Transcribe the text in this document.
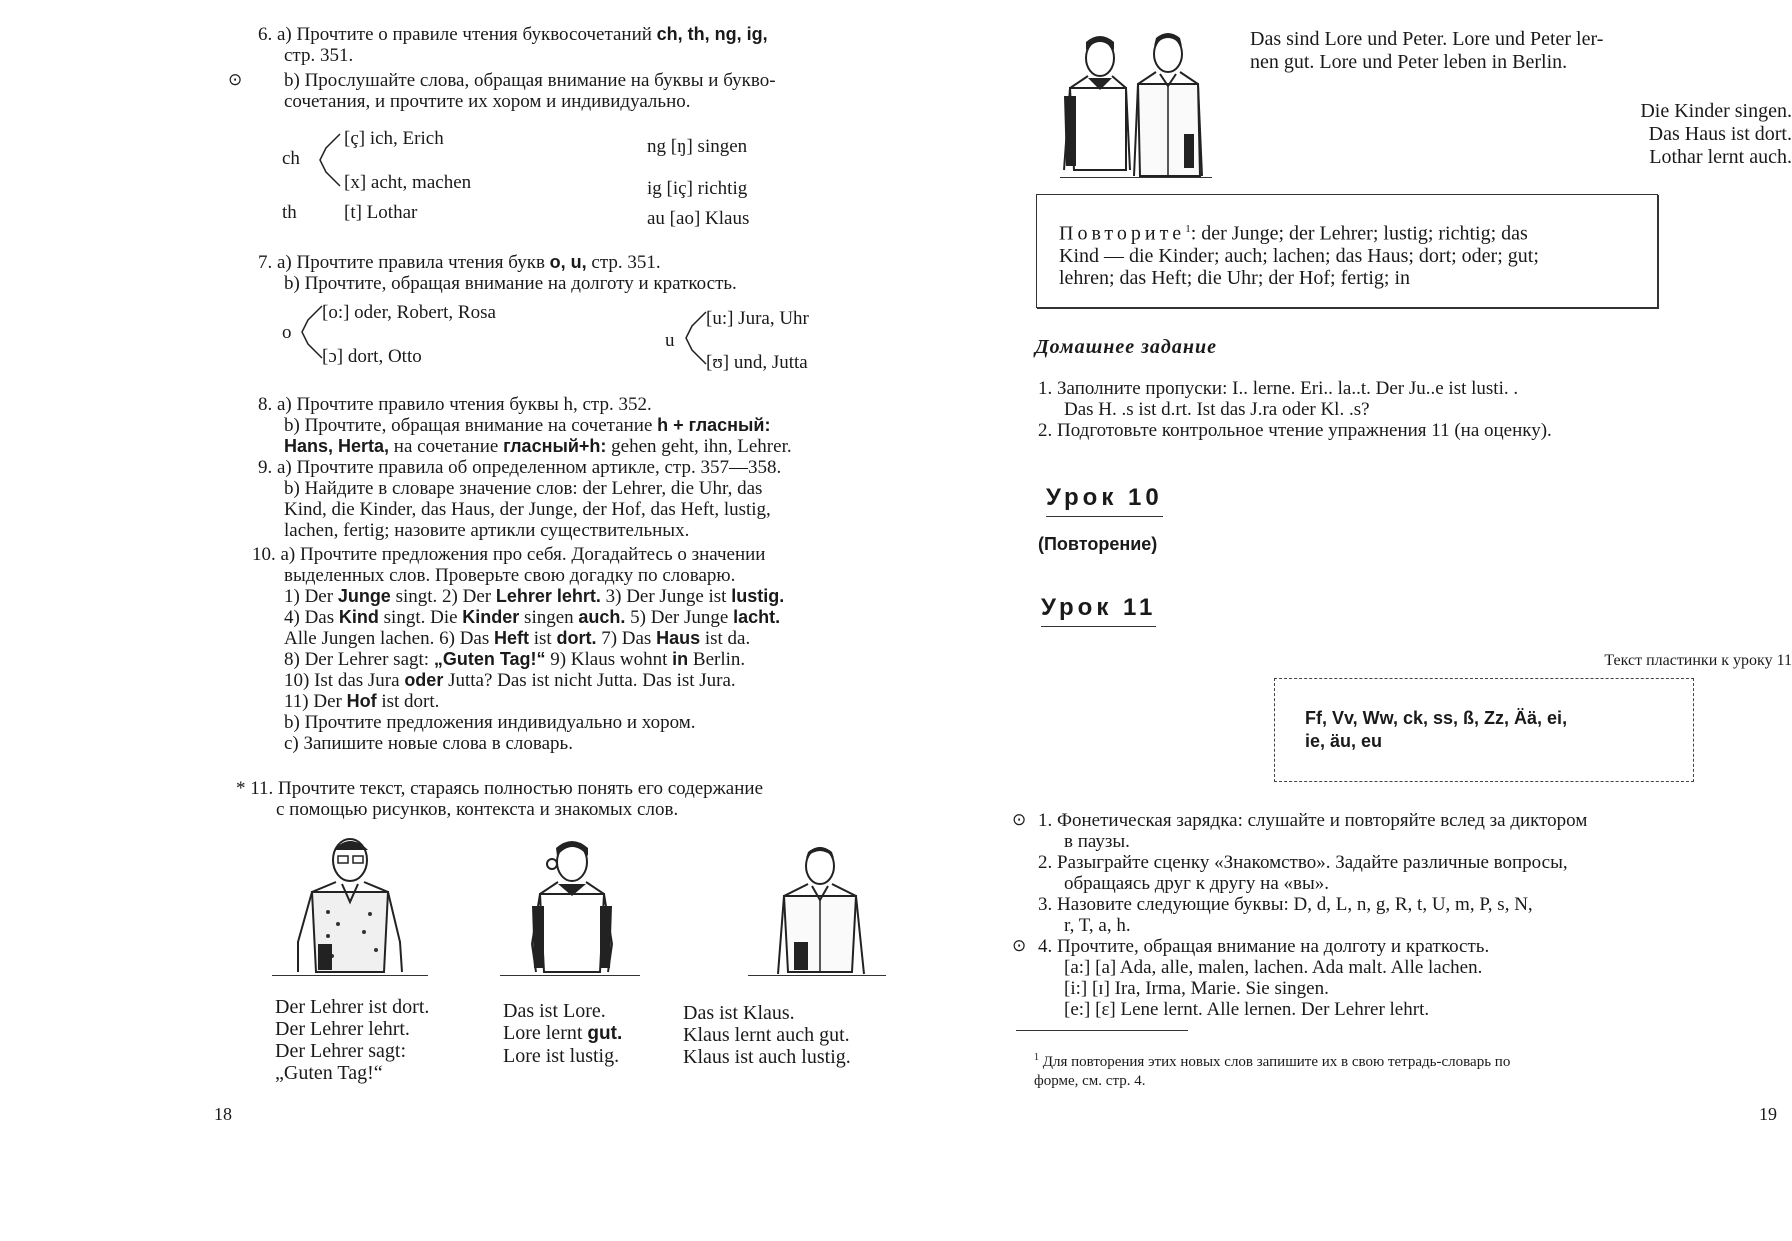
6. a) Прочтите о правиле чтения буквосочетаний ch, th, ng, ig,
стр. 351.
b) Прослушайте слова, обращая внимание на буквы и букво-
сочетания, и прочтите их хором и индивидуально.
⊙
ch
[ç] ich, Erich
[x] acht, machen
th [t] Lothar
ng [ŋ] singen
ig [iç] richtig
au [ao] Klaus
7. a) Прочтите правила чтения букв o, u, стр. 351.
b) Прочтите, обращая внимание на долготу и краткость.
o
[o:] oder, Robert, Rosa
[ɔ] dort, Otto
u
[u:] Jura, Uhr
[ʊ] und, Jutta
8. a) Прочтите правило чтения буквы h, стр. 352.
b) Прочтите, обращая внимание на сочетание h + гласный:
Hans, Herta, на сочетание гласный+h: gehen geht, ihn, Lehrer.
9. a) Прочтите правила об определенном артикле, стр. 357—358.
b) Найдите в словаре значение слов: der Lehrer, die Uhr, das
Kind, die Kinder, das Haus, der Junge, der Hof, das Heft, lustig,
lachen, fertig; назовите артикли существительных.
10. a) Прочтите предложения про себя. Догадайтесь о значении
выделенных слов. Проверьте свою догадку по словарю.
1) Der Junge singt. 2) Der Lehrer lehrt. 3) Der Junge ist lustig.
4) Das Kind singt. Die Kinder singen auch. 5) Der Junge lacht.
Alle Jungen lachen. 6) Das Heft ist dort. 7) Das Haus ist da.
8) Der Lehrer sagt: „Guten Tag!“ 9) Klaus wohnt in Berlin.
10) Ist das Jura oder Jutta? Das ist nicht Jutta. Das ist Jura.
11) Der Hof ist dort.
b) Прочтите предложения индивидуально и хором.
c) Запишите новые слова в словарь.
* 11. Прочтите текст, стараясь полностью понять его содержание
с помощью рисунков, контекста и знакомых слов.
Der Lehrer ist dort.
Der Lehrer lehrt.
Der Lehrer sagt:
„Guten Tag!“
Das ist Lore.
Lore lernt gut.
Lore ist lustig.
Das ist Klaus.
Klaus lernt auch gut.
Klaus ist auch lustig.
18
Das sind Lore und Peter. Lore und Peter ler-
nen gut. Lore und Peter leben in Berlin.
Die Kinder singen.
Das Haus ist dort.
Lothar lernt auch.
Повторите$^1$: der Junge; der Lehrer; lustig; richtig; das
Kind — die Kinder; auch; lachen; das Haus; dort; oder; gut;
lehren; das Heft; die Uhr; der Hof; fertig; in
Домашнее задание
1. Заполните пропуски: I.. lerne. Eri.. la..t. Der Ju..e ist lusti. .
Das H. .s ist d.rt. Ist das J.ra oder Kl. .s?
2. Подготовьте контрольное чтение упражнения 11 (на оценку).
Урок 10
(Повторение)
Урок 11
Текст пластинки к уроку 11
Ff, Vv, Ww, ck, ss, ß, Zz, Ää, ei,
ie, äu, eu
1. Фонетическая зарядка: слушайте и повторяйте вслед за диктором
в паузы.
2. Разыграйте сценку «Знакомство». Задайте различные вопросы,
обращаясь друг к другу на «вы».
3. Назовите следующие буквы: D, d, L, n, g, R, t, U, m, P, s, N,
r, T, a, h.
4. Прочтите, обращая внимание на долготу и краткость.
[a:] [a] Ada, alle, malen, lachen. Ada malt. Alle lachen.
[i:] [ɪ] Ira, Irma, Marie. Sie singen.
[e:] [ɛ] Lene lernt. Alle lernen. Der Lehrer lehrt.
⊙
⊙
$^1$ Для повторения этих новых слов запишите их в свою тетрадь-словарь по
форме, см. стр. 4.
19
